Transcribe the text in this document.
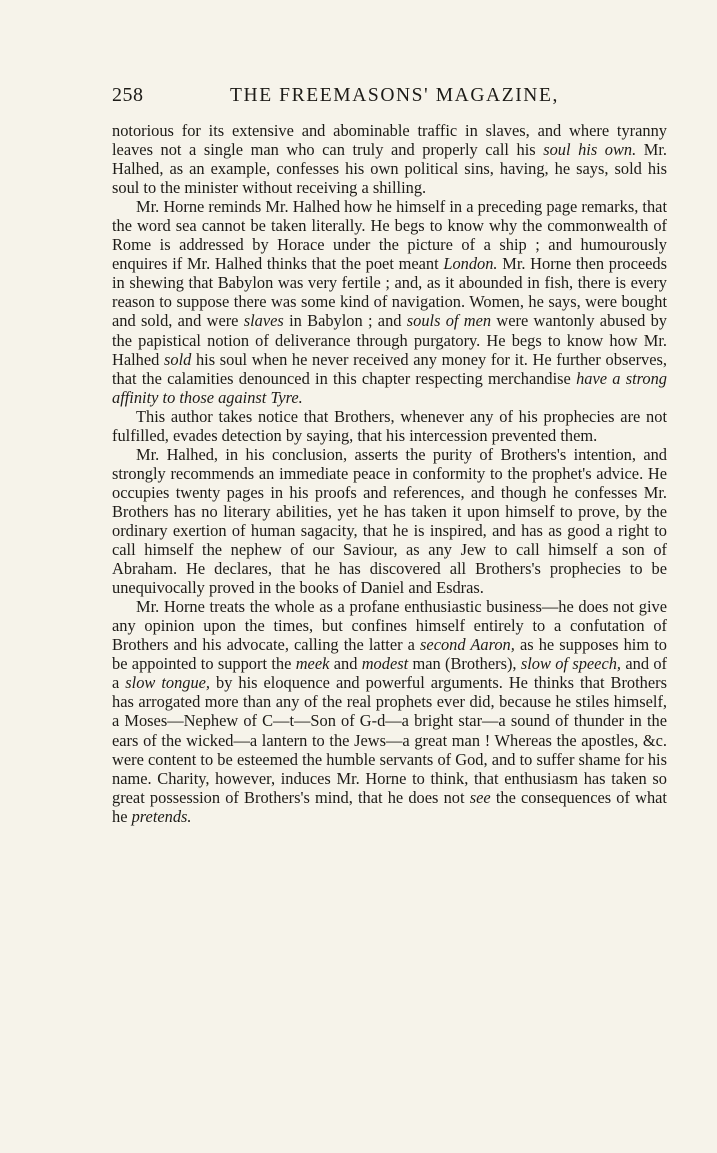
258	THE FREEMASONS' MAGAZINE,

notorious for its extensive and abominable traffic in slaves, and where tyranny leaves not a single man who can truly and properly call his soul his own. Mr. Halhed, as an example, confesses his own political sins, having, he says, sold his soul to the minister without receiving a shilling.

Mr. Horne reminds Mr. Halhed how he himself in a preceding page remarks, that the word sea cannot be taken literally. He begs to know why the commonwealth of Rome is addressed by Horace under the picture of a ship ; and humourously enquires if Mr. Halhed thinks that the poet meant London. Mr. Horne then proceeds in shewing that Babylon was very fertile ; and, as it abounded in fish, there is every reason to suppose there was some kind of navigation. Women, he says, were bought and sold, and were slaves in Babylon ; and souls of men were wantonly abused by the papistical notion of deliverance through purgatory. He begs to know how Mr. Halhed sold his soul when he never received any money for it. He further observes, that the calamities denounced in this chapter respecting merchandise have a strong affinity to those against Tyre.

This author takes notice that Brothers, whenever any of his prophecies are not fulfilled, evades detection by saying, that his intercession prevented them.

Mr. Halhed, in his conclusion, asserts the purity of Brothers's intention, and strongly recommends an immediate peace in conformity to the prophet's advice. He occupies twenty pages in his proofs and references, and though he confesses Mr. Brothers has no literary abilities, yet he has taken it upon himself to prove, by the ordinary exertion of human sagacity, that he is inspired, and has as good a right to call himself the nephew of our Saviour, as any Jew to call himself a son of Abraham. He declares, that he has discovered all Brothers's prophecies to be unequivocally proved in the books of Daniel and Esdras.

Mr. Horne treats the whole as a profane enthusiastic business—he does not give any opinion upon the times, but confines himself entirely to a confutation of Brothers and his advocate, calling the latter a second Aaron, as he supposes him to be appointed to support the meek and modest man (Brothers), slow of speech, and of a slow tongue, by his eloquence and powerful arguments. He thinks that Brothers has arrogated more than any of the real prophets ever did, because he stiles himself, a Moses—Nephew of C—t—Son of G-d—a bright star—a sound of thunder in the ears of the wicked—a lantern to the Jews—a great man ! Whereas the apostles, &c. were content to be esteemed the humble servants of God, and to suffer shame for his name. Charity, however, induces Mr. Horne to think, that enthusiasm has taken so great possession of Brothers's mind, that he does not see the consequences of what he pretends.
